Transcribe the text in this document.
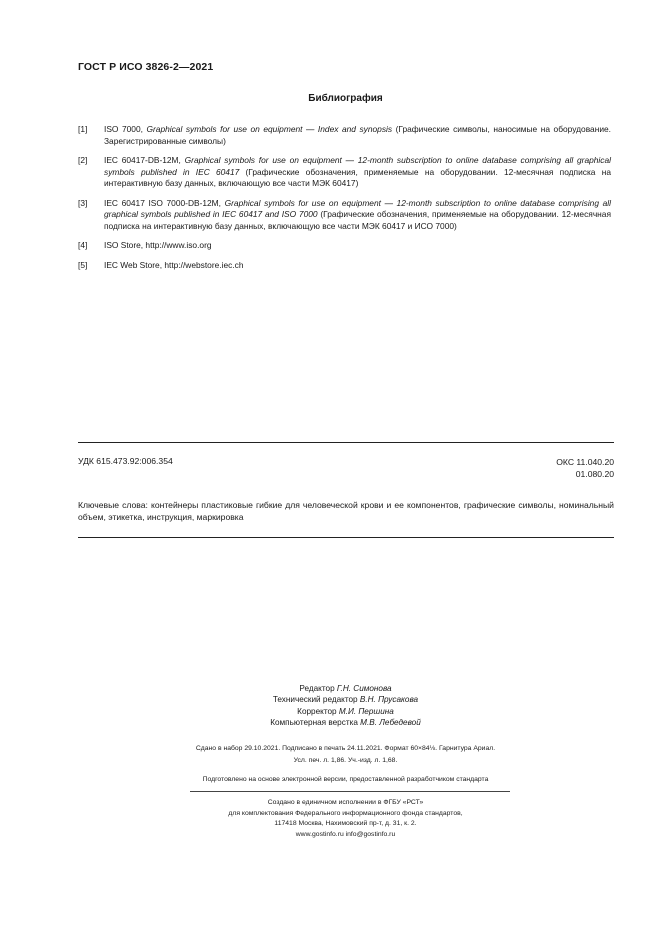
ГОСТ Р ИСО 3826-2—2021
Библиография
[1] ISO 7000, Graphical symbols for use on equipment — Index and synopsis (Графические символы, наносимые на оборудование. Зарегистрированные символы)
[2] IEC 60417-DB-12M, Graphical symbols for use on equipment — 12-month subscription to online database comprising all graphical symbols published in IEC 60417 (Графические обозначения, применяемые на оборудовании. 12-месячная подписка на интерактивную базу данных, включающую все части МЭК 60417)
[3] IEC 60417 ISO 7000-DB-12M, Graphical symbols for use on equipment — 12-month subscription to online database comprising all graphical symbols published in IEC 60417 and ISO 7000 (Графические обозначения, применяемые на оборудовании. 12-месячная подписка на интерактивную базу данных, включающую все части МЭК 60417 и ИСО 7000)
[4] ISO Store, http://www.iso.org
[5] IEC Web Store, http://webstore.iec.ch
УДК 615.473.92:006.354	ОКС 11.040.20
01.080.20
Ключевые слова: контейнеры пластиковые гибкие для человеческой крови и ее компонентов, графические символы, номинальный объем, этикетка, инструкция, маркировка
Редактор Г.Н. Симонова
Технический редактор В.Н. Прусакова
Корректор М.И. Першина
Компьютерная верстка М.В. Лебедевой
Сдано в набор 29.10.2021. Подписано в печать 24.11.2021. Формат 60×84⅛. Гарнитура Ариал.
Усл. печ. л. 1,86. Уч.-изд. л. 1,68.
Подготовлено на основе электронной версии, предоставленной разработчиком стандарта
Создано в единичном исполнении в ФГБУ «РСТ»
для комплектования Федерального информационного фонда стандартов,
117418 Москва, Нахимовский пр-т, д. 31, к. 2.
www.gostinfo.ru info@gostinfo.ru
